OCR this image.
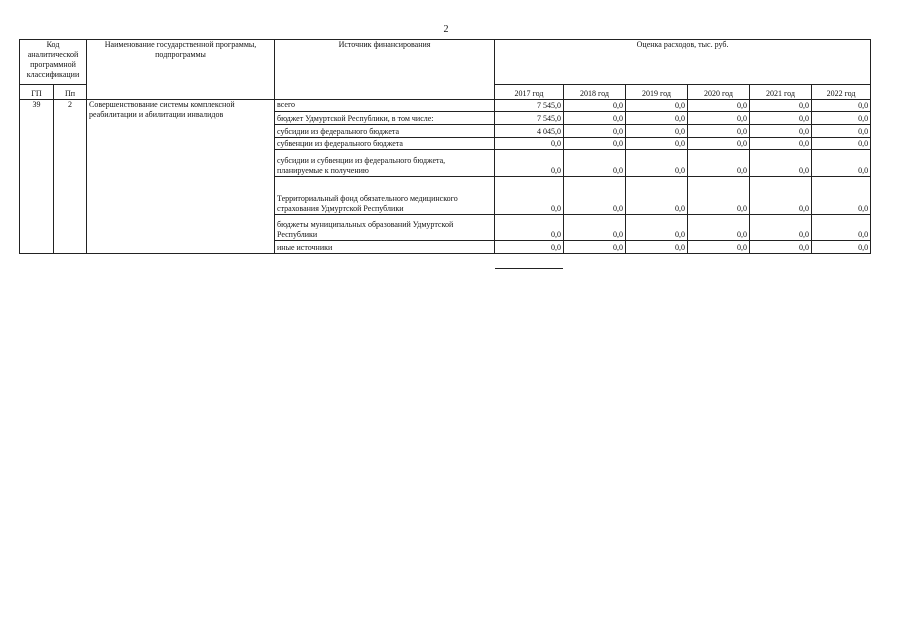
2
Код аналитической программной классификации		Наименование государственной программы, подпрограммы	Источник финансирования	Оценка расходов, тыс. руб.					
ГП	Пп			2017 год	2018 год	2019 год	2020 год	2021 год	2022 год
39	2	Совершенствование системы комплексной реабилитации и абилитации инвалидов	всего	7 545,0	0,0	0,0	0,0	0,0	0,0
			бюджет Удмуртской Республики, в том числе:	7 545,0	0,0	0,0	0,0	0,0	0,0
			субсидии из федерального бюджета	4 045,0	0,0	0,0	0,0	0,0	0,0
			субвенции из федерального бюджета	0,0	0,0	0,0	0,0	0,0	0,0
			субсидии и субвенции из федерального бюджета, планируемые к получению	0,0	0,0	0,0	0,0	0,0	0,0
			Территориальный фонд обязательного медицинского страхования Удмуртской Республики	0,0	0,0	0,0	0,0	0,0	0,0
			бюджеты муниципальных образований Удмуртской Республики	0,0	0,0	0,0	0,0	0,0	0,0
			иные источники	0,0	0,0	0,0	0,0	0,0	0,0
